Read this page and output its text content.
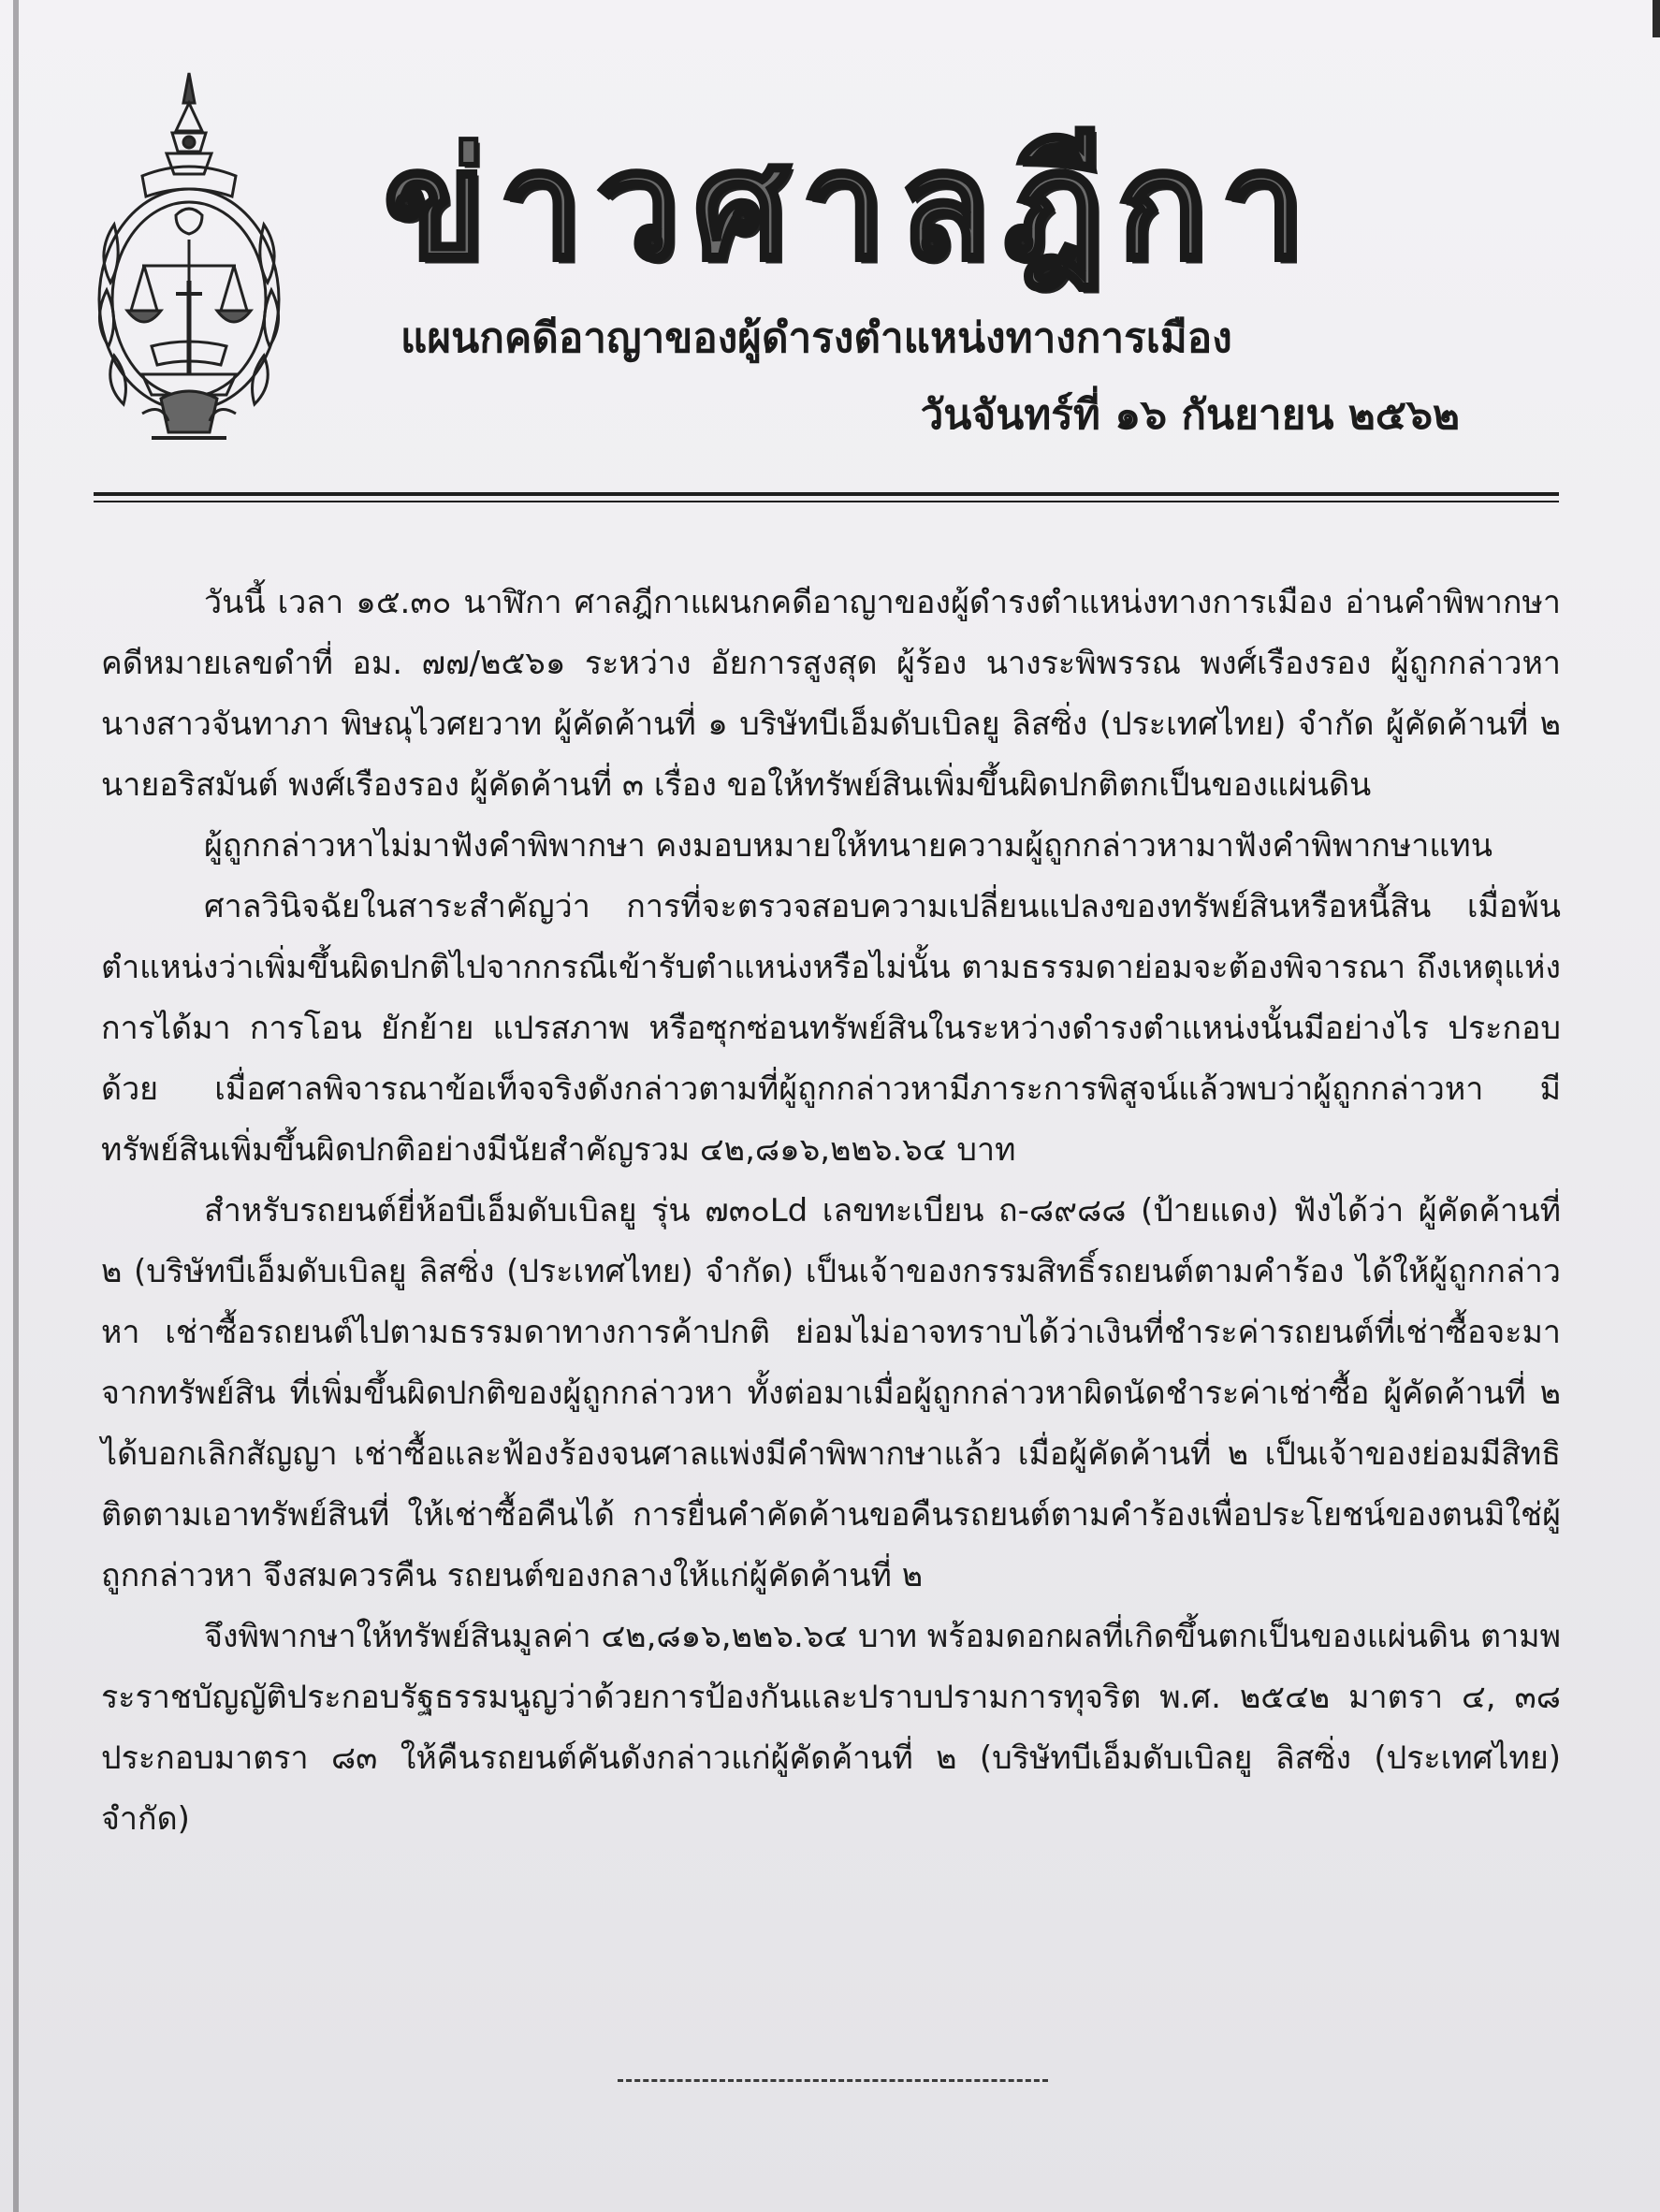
ข่าวศาลฎีกา
แผนกคดีอาญาของผู้ดำรงตำแหน่งทางการเมือง
วันจันทร์ที่ ๑๖ กันยายน ๒๕๖๒

วันนี้ เวลา ๑๕.๓๐ นาฬิกา ศาลฎีกาแผนกคดีอาญาของผู้ดำรงตำแหน่งทางการเมือง อ่านคำพิพากษา คดีหมายเลขดำที่ อม. ๗๗/๒๕๖๑ ระหว่าง อัยการสูงสุด ผู้ร้อง นางระพิพรรณ พงศ์เรืองรอง ผู้ถูกกล่าวหา นางสาวจันทาภา พิษณุไวศยวาท ผู้คัดค้านที่ ๑ บริษัทบีเอ็มดับเบิลยู ลิสซิ่ง (ประเทศไทย) จำกัด ผู้คัดค้านที่ ๒ นายอริสมันต์ พงศ์เรืองรอง ผู้คัดค้านที่ ๓ เรื่อง ขอให้ทรัพย์สินเพิ่มขึ้นผิดปกติตกเป็นของแผ่นดิน

ผู้ถูกกล่าวหาไม่มาฟังคำพิพากษา คงมอบหมายให้ทนายความผู้ถูกกล่าวหามาฟังคำพิพากษาแทน

ศาลวินิจฉัยในสาระสำคัญว่า การที่จะตรวจสอบความเปลี่ยนแปลงของทรัพย์สินหรือหนี้สิน เมื่อพ้นตำแหน่งว่าเพิ่มขึ้นผิดปกติไปจากกรณีเข้ารับตำแหน่งหรือไม่นั้น ตามธรรมดาย่อมจะต้องพิจารณา ถึงเหตุแห่งการได้มา การโอน ยักย้าย แปรสภาพ หรือซุกซ่อนทรัพย์สินในระหว่างดำรงตำแหน่งนั้นมีอย่างไร ประกอบด้วย เมื่อศาลพิจารณาข้อเท็จจริงดังกล่าวตามที่ผู้ถูกกล่าวหามีภาระการพิสูจน์แล้วพบว่าผู้ถูกกล่าวหา มีทรัพย์สินเพิ่มขึ้นผิดปกติอย่างมีนัยสำคัญรวม ๔๒,๘๑๖,๒๒๖.๖๔ บาท

สำหรับรถยนต์ยี่ห้อบีเอ็มดับเบิลยู รุ่น ๗๓๐Ld เลขทะเบียน ถ-๘๙๘๘ (ป้ายแดง) ฟังได้ว่า ผู้คัดค้านที่ ๒ (บริษัทบีเอ็มดับเบิลยู ลิสซิ่ง (ประเทศไทย) จำกัด) เป็นเจ้าของกรรมสิทธิ์รถยนต์ตามคำร้อง ได้ให้ผู้ถูกกล่าวหา เช่าซื้อรถยนต์ไปตามธรรมดาทางการค้าปกติ ย่อมไม่อาจทราบได้ว่าเงินที่ชำระค่ารถยนต์ที่เช่าซื้อจะมาจากทรัพย์สิน ที่เพิ่มขึ้นผิดปกติของผู้ถูกกล่าวหา ทั้งต่อมาเมื่อผู้ถูกกล่าวหาผิดนัดชำระค่าเช่าซื้อ ผู้คัดค้านที่ ๒ ได้บอกเลิกสัญญา เช่าซื้อและฟ้องร้องจนศาลแพ่งมีคำพิพากษาแล้ว เมื่อผู้คัดค้านที่ ๒ เป็นเจ้าของย่อมมีสิทธิติดตามเอาทรัพย์สินที่ ให้เช่าซื้อคืนได้ การยื่นคำคัดค้านขอคืนรถยนต์ตามคำร้องเพื่อประโยชน์ของตนมิใช่ผู้ถูกกล่าวหา จึงสมควรคืน รถยนต์ของกลางให้แก่ผู้คัดค้านที่ ๒

จึงพิพากษาให้ทรัพย์สินมูลค่า ๔๒,๘๑๖,๒๒๖.๖๔ บาท พร้อมดอกผลที่เกิดขึ้นตกเป็นของแผ่นดิน ตามพระราชบัญญัติประกอบรัฐธรรมนูญว่าด้วยการป้องกันและปราบปรามการทุจริต พ.ศ. ๒๕๔๒ มาตรา ๔, ๓๘ ประกอบมาตรา ๘๓ ให้คืนรถยนต์คันดังกล่าวแก่ผู้คัดค้านที่ ๒ (บริษัทบีเอ็มดับเบิลยู ลิสซิ่ง (ประเทศไทย) จำกัด)
